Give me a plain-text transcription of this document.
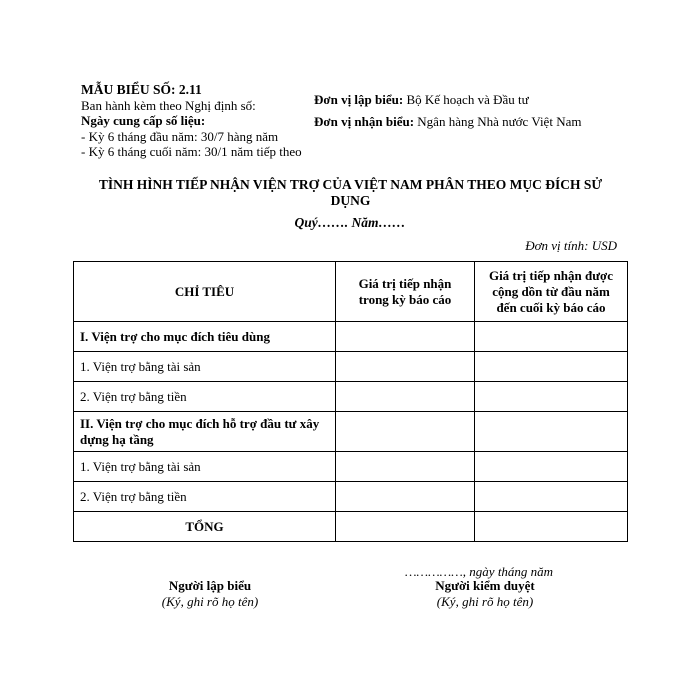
MẪU BIỂU SỐ: 2.11
Ban hành kèm theo Nghị định số:
Ngày cung cấp số liệu:
- Kỳ 6 tháng đầu năm: 30/7 hàng năm
- Kỳ 6 tháng cuối năm: 30/1 năm tiếp theo
Đơn vị lập biểu: Bộ Kế hoạch và Đầu tư
Đơn vị nhận biểu: Ngân hàng Nhà nước Việt Nam
TÌNH HÌNH TIẾP NHẬN VIỆN TRỢ CỦA VIỆT NAM PHÂN THEO MỤC ĐÍCH SỬ DỤNG
Quý……. Năm……
Đơn vị tính: USD
CHỈ TIÊU	Giá trị tiếp nhận trong kỳ báo cáo	Giá trị tiếp nhận được cộng dồn từ đầu năm đến cuối kỳ báo cáo
I. Viện trợ cho mục đích tiêu dùng		
1. Viện trợ bằng tài sản		
2. Viện trợ bằng tiền		
II. Viện trợ cho mục đích hỗ trợ đầu tư xây dựng hạ tầng		
1. Viện trợ bằng tài sản		
2. Viện trợ bằng tiền		
TỔNG		
……………, ngày tháng năm
Người lập biểu
(Ký, ghi rõ họ tên)
Người kiểm duyệt
(Ký, ghi rõ họ tên)
